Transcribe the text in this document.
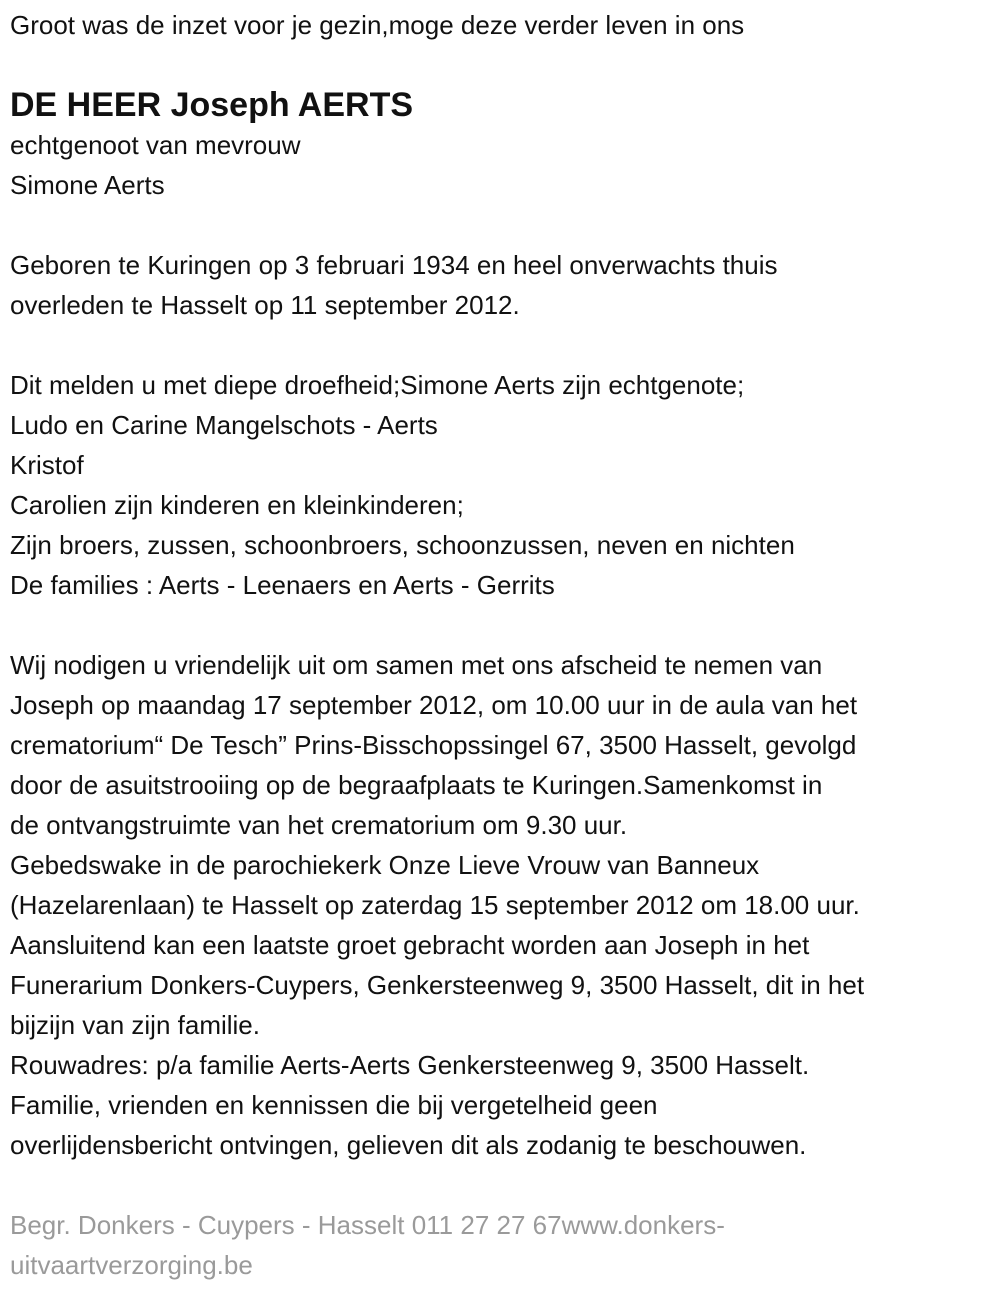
Groot was de inzet voor je gezin,moge deze verder leven in ons
DE HEER Joseph AERTS
echtgenoot van mevrouw
Simone Aerts
Geboren te Kuringen op 3 februari 1934 en heel onverwachts thuis
overleden te Hasselt op 11 september 2012.
Dit melden u met diepe droefheid;Simone Aerts zijn echtgenote;
Ludo en Carine Mangelschots - Aerts
Kristof
Carolien zijn kinderen en kleinkinderen;
Zijn broers, zussen, schoonbroers, schoonzussen, neven en nichten
De families : Aerts - Leenaers en Aerts - Gerrits
Wij nodigen u vriendelijk uit om samen met ons afscheid te nemen van
Joseph op maandag 17 september 2012, om 10.00 uur in de aula van het
crematorium“ De Tesch” Prins-Bisschopssingel 67, 3500 Hasselt, gevolgd
door de asuitstrooiing op de begraafplaats te Kuringen.Samenkomst in
de ontvangstruimte van het crematorium om 9.30 uur.
Gebedswake in de parochiekerk Onze Lieve Vrouw van Banneux
(Hazelarenlaan) te Hasselt op zaterdag 15 september 2012 om 18.00 uur.
Aansluitend kan een laatste groet gebracht worden aan Joseph in het
Funerarium Donkers-Cuypers, Genkersteenweg 9, 3500 Hasselt, dit in het
bijzijn van zijn familie.
Rouwadres: p/a familie Aerts-Aerts Genkersteenweg 9, 3500 Hasselt.
Familie, vrienden en kennissen die bij vergetelheid geen
overlijdensbericht ontvingen, gelieven dit als zodanig te beschouwen.
Begr. Donkers - Cuypers - Hasselt 011 27 27 67www.donkers-
uitvaartverzorging.be
